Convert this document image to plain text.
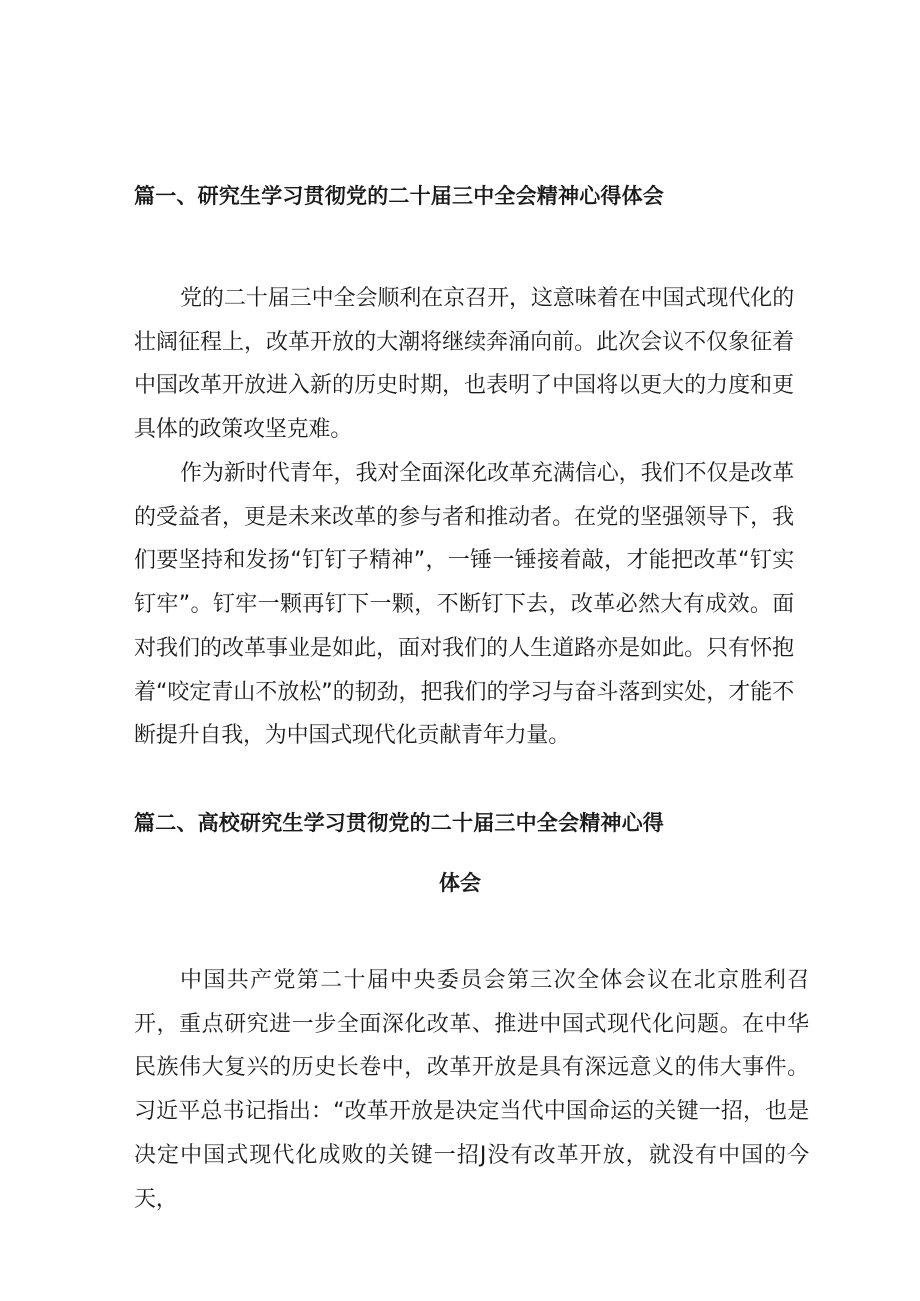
篇一、研究生学习贯彻党的二十届三中全会精神心得体会
党的二十届三中全会顺利在京召开，这意味着在中国式现代化的壮阔征程上，改革开放的大潮将继续奔涌向前。此次会议不仅象征着中国改革开放进入新的历史时期，也表明了中国将以更大的力度和更具体的政策攻坚克难。
作为新时代青年，我对全面深化改革充满信心，我们不仅是改革的受益者，更是未来改革的参与者和推动者。在党的坚强领导下，我们要坚持和发扬“钉钉子精神”，一锤一锤接着敲，才能把改革“钉实钉牢”。钉牢一颗再钉下一颗，不断钉下去，改革必然大有成效。面对我们的改革事业是如此，面对我们的人生道路亦是如此。只有怀抱着“咬定青山不放松”的韧劲，把我们的学习与奋斗落到实处，才能不断提升自我，为中国式现代化贡献青年力量。
篇二、高校研究生学习贯彻党的二十届三中全会精神心得
体会
中国共产党第二十届中央委员会第三次全体会议在北京胜利召开，重点研究进一步全面深化改革、推进中国式现代化问题。在中华民族伟大复兴的历史长卷中，改革开放是具有深远意义的伟大事件。习近平总书记指出：“改革开放是决定当代中国命运的关键一招，也是决定中国式现代化成败的关键一招J没有改革开放，就没有中国的今天，
